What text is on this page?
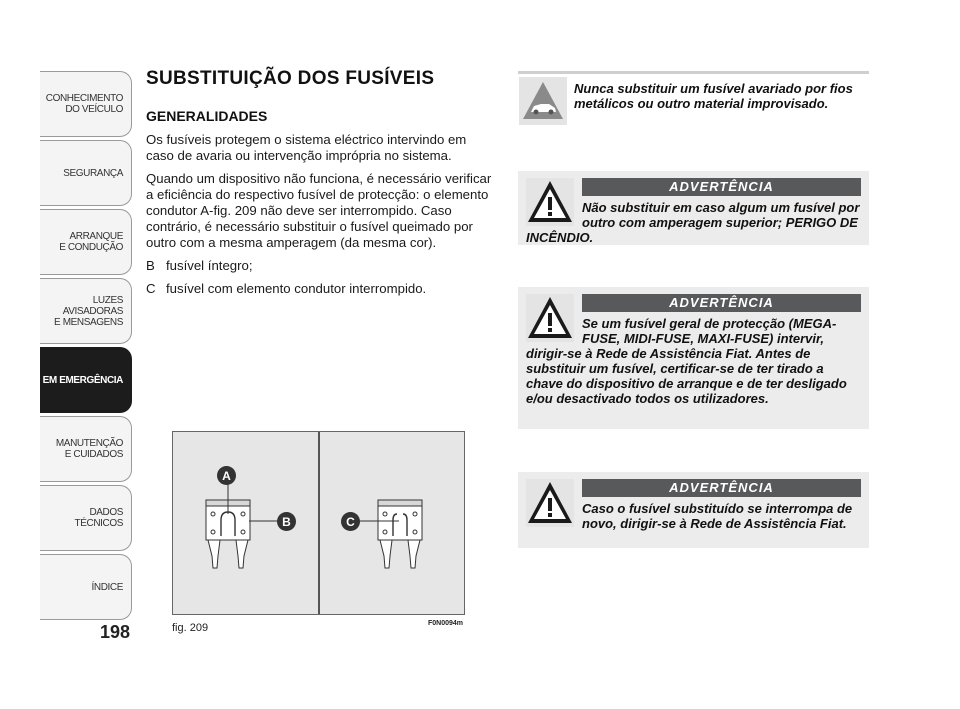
CONHECIMENTO
DO VEÍCULO
SEGURANÇA
ARRANQUE
E CONDUÇÃO
LUZES
AVISADORAS
E MENSAGENS
EM EMERGÊNCIA
MANUTENÇÃO
E CUIDADOS
DADOS
TÉCNICOS
ÍNDICE
198
SUBSTITUIÇÃO DOS FUSÍVEIS
GENERALIDADES

Os fusíveis protegem o sistema eléctrico intervindo em caso de avaria ou intervenção imprópria no sistema.

Quando um dispositivo não funciona, é necessário verificar a eficiência do respectivo fusível de protecção: o elemento condutor A-fig. 209 não deve ser interrompido. Caso contrário, é necessário substituir o fusível queimado por outro com a mesma amperagem (da mesma cor).

B fusível íntegro;
C fusível com elemento condutor interrompido.
A
B	C
fig. 209	F0N0094m
Nunca substituir um fusível avariado por fios metálicos ou outro material improvisado.
ADVERTÊNCIA
Não substituir em caso algum um fusível por outro com amperagem superior; PERIGO DE INCÊNDIO.
ADVERTÊNCIA
Se um fusível geral de protecção (MEGA-FUSE, MIDI-FUSE, MAXI-FUSE) intervir, dirigir-se à Rede de Assistência Fiat. Antes de substituir um fusível, certificar-se de ter tirado a chave do dispositivo de arranque e de ter desligado e/ou desactivado todos os utilizadores.
ADVERTÊNCIA
Caso o fusível substituído se interrompa de novo, dirigir-se à Rede de Assistência Fiat.
